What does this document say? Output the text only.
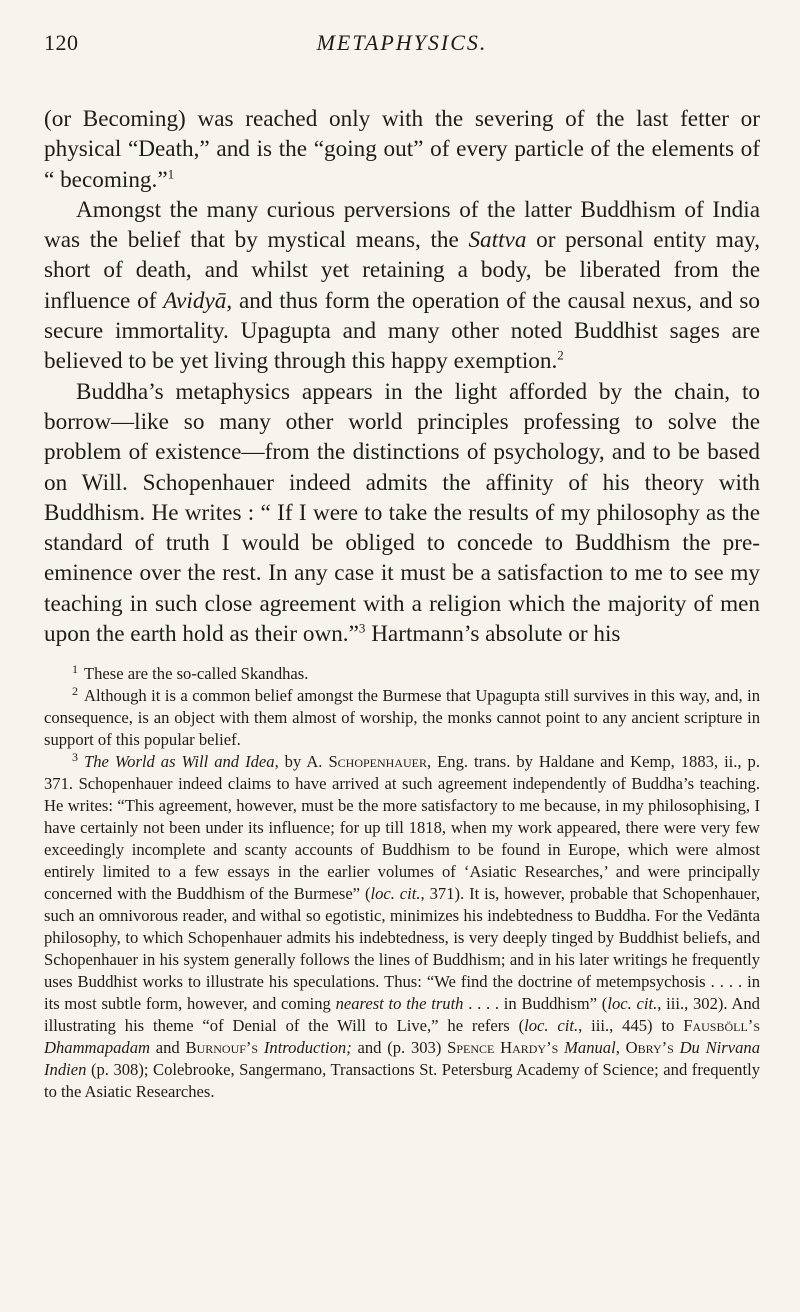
120	METAPHYSICS.

(or Becoming) was reached only with the severing of the last fetter or physical “Death,” and is the “going out” of every particle of the elements of “ becoming.”$^1$

Amongst the many curious perversions of the latter Buddhism of India was the belief that by mystical means, the Sattva or personal entity may, short of death, and whilst yet retaining a body, be liberated from the influence of Avidyā, and thus form the operation of the causal nexus, and so secure immortality. Upagupta and many other noted Buddhist sages are believed to be yet living through this happy exemption.$^2$

Buddha’s metaphysics appears in the light afforded by the chain, to borrow—like so many other world principles professing to solve the problem of existence—from the distinctions of psychology, and to be based on Will. Schopenhauer indeed admits the affinity of his theory with Buddhism. He writes : “ If I were to take the results of my philosophy as the standard of truth I would be obliged to concede to Buddhism the pre-eminence over the rest. In any case it must be a satisfaction to me to see my teaching in such close agreement with a religion which the majority of men upon the earth hold as their own.”$^3$ Hartmann’s absolute or his

$^1$ These are the so-called Skandhas.

$^2$ Although it is a common belief amongst the Burmese that Upagupta still survives in this way, and, in consequence, is an object with them almost of worship, the monks cannot point to any ancient scripture in support of this popular belief.

$^3$ The World as Will and Idea, by A. Schopenhauer, Eng. trans. by Haldane and Kemp, 1883, ii., p. 371. Schopenhauer indeed claims to have arrived at such agreement independently of Buddha’s teaching. He writes: “This agreement, however, must be the more satisfactory to me because, in my philosophising, I have certainly not been under its influence; for up till 1818, when my work appeared, there were very few exceedingly incomplete and scanty accounts of Buddhism to be found in Europe, which were almost entirely limited to a few essays in the earlier volumes of ‘Asiatic Researches,’ and were principally concerned with the Buddhism of the Burmese” (loc. cit., 371). It is, however, probable that Schopenhauer, such an omnivorous reader, and withal so egotistic, minimizes his indebtedness to Buddha. For the Vedānta philosophy, to which Schopenhauer admits his indebtedness, is very deeply tinged by Buddhist beliefs, and Schopenhauer in his system generally follows the lines of Buddhism; and in his later writings he frequently uses Buddhist works to illustrate his speculations. Thus: “We find the doctrine of metempsychosis . . . . in its most subtle form, however, and coming nearest to the truth . . . . in Buddhism” (loc. cit., iii., 302). And illustrating his theme “of Denial of the Will to Live,” he refers (loc. cit., iii., 445) to Fausböll’s Dhammapadam and Burnouf’s Introduction; and (p. 303) Spence Hardy’s Manual, Obry’s Du Nirvana Indien (p. 308); Colebrooke, Sangermano, Transactions St. Petersburg Academy of Science; and frequently to the Asiatic Researches.
